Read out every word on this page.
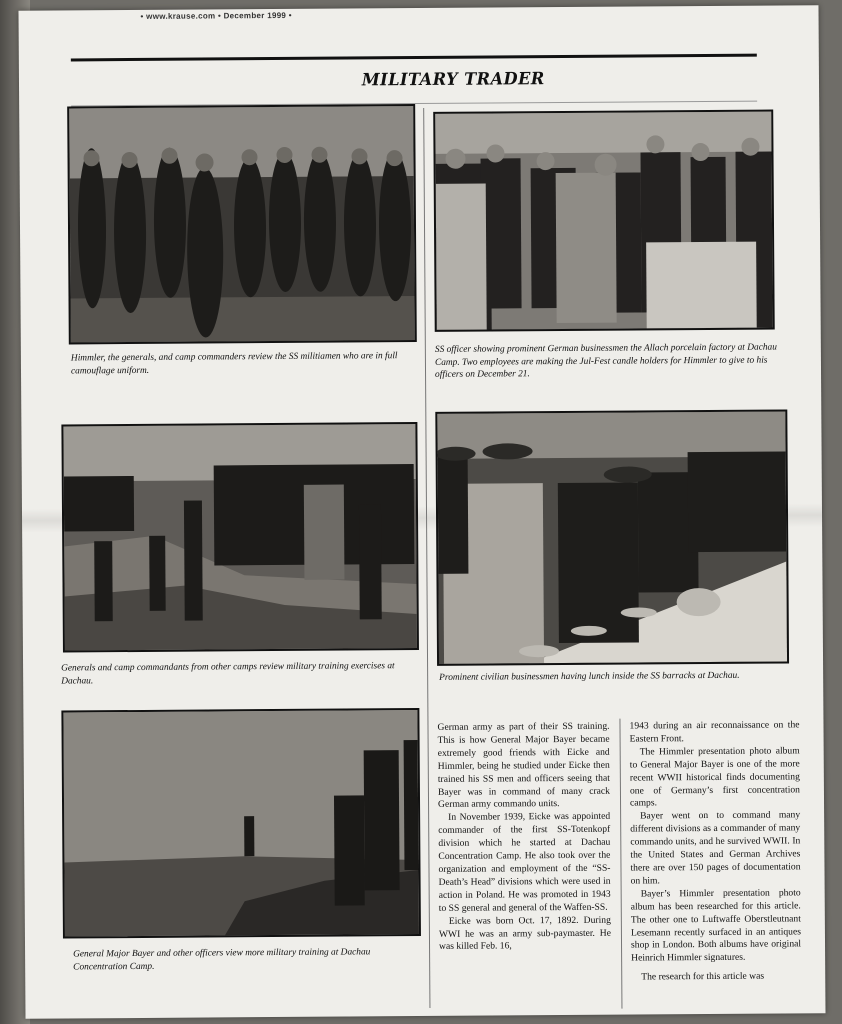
• www.krause.com • December 1999 •
MILITARY TRADER
Himmler, the generals, and camp commanders review the SS militiamen who are in full camouflage uniform.
SS officer showing prominent German businessmen the Allach porcelain factory at Dachau Camp. Two employees are making the Jul-Fest candle holders for Himmler to give to his officers on December 21.
Generals and camp commandants from other camps review military training exercises at Dachau.	Prominent civilian businessmen having lunch inside the SS barracks at Dachau.
General Major Bayer and other officers view more military training at Dachau Concentration Camp.

German army as part of their SS training. This is how General Major Bayer became extremely good friends with Eicke and Himmler, being he studied under Eicke then trained his SS men and officers seeing that Bayer was in command of many crack German army commando units.

In November 1939, Eicke was appointed commander of the first SS-Totenkopf division which he started at Dachau Concentration Camp. He also took over the organization and employment of the “SS-Death’s Head” divisions which were used in action in Poland. He was promoted in 1943 to SS general and general of the Waffen-SS.

Eicke was born Oct. 17, 1892. During WWI he was an army sub-paymaster. He was killed Feb. 16,

1943 during an air reconnaissance on the Eastern Front.

The Himmler presentation photo album to General Major Bayer is one of the more recent WWII historical finds documenting one of Germany’s first concentration camps.

Bayer went on to command many different divisions as a commander of many commando units, and he survived WWII. In the United States and German Archives there are over 150 pages of documentation on him.

Bayer’s Himmler presentation photo album has been researched for this article. The other one to Luftwaffe Oberstleutnant Lesemann recently surfaced in an antiques shop in London. Both albums have original Heinrich Himmler signatures.

The research for this article was
